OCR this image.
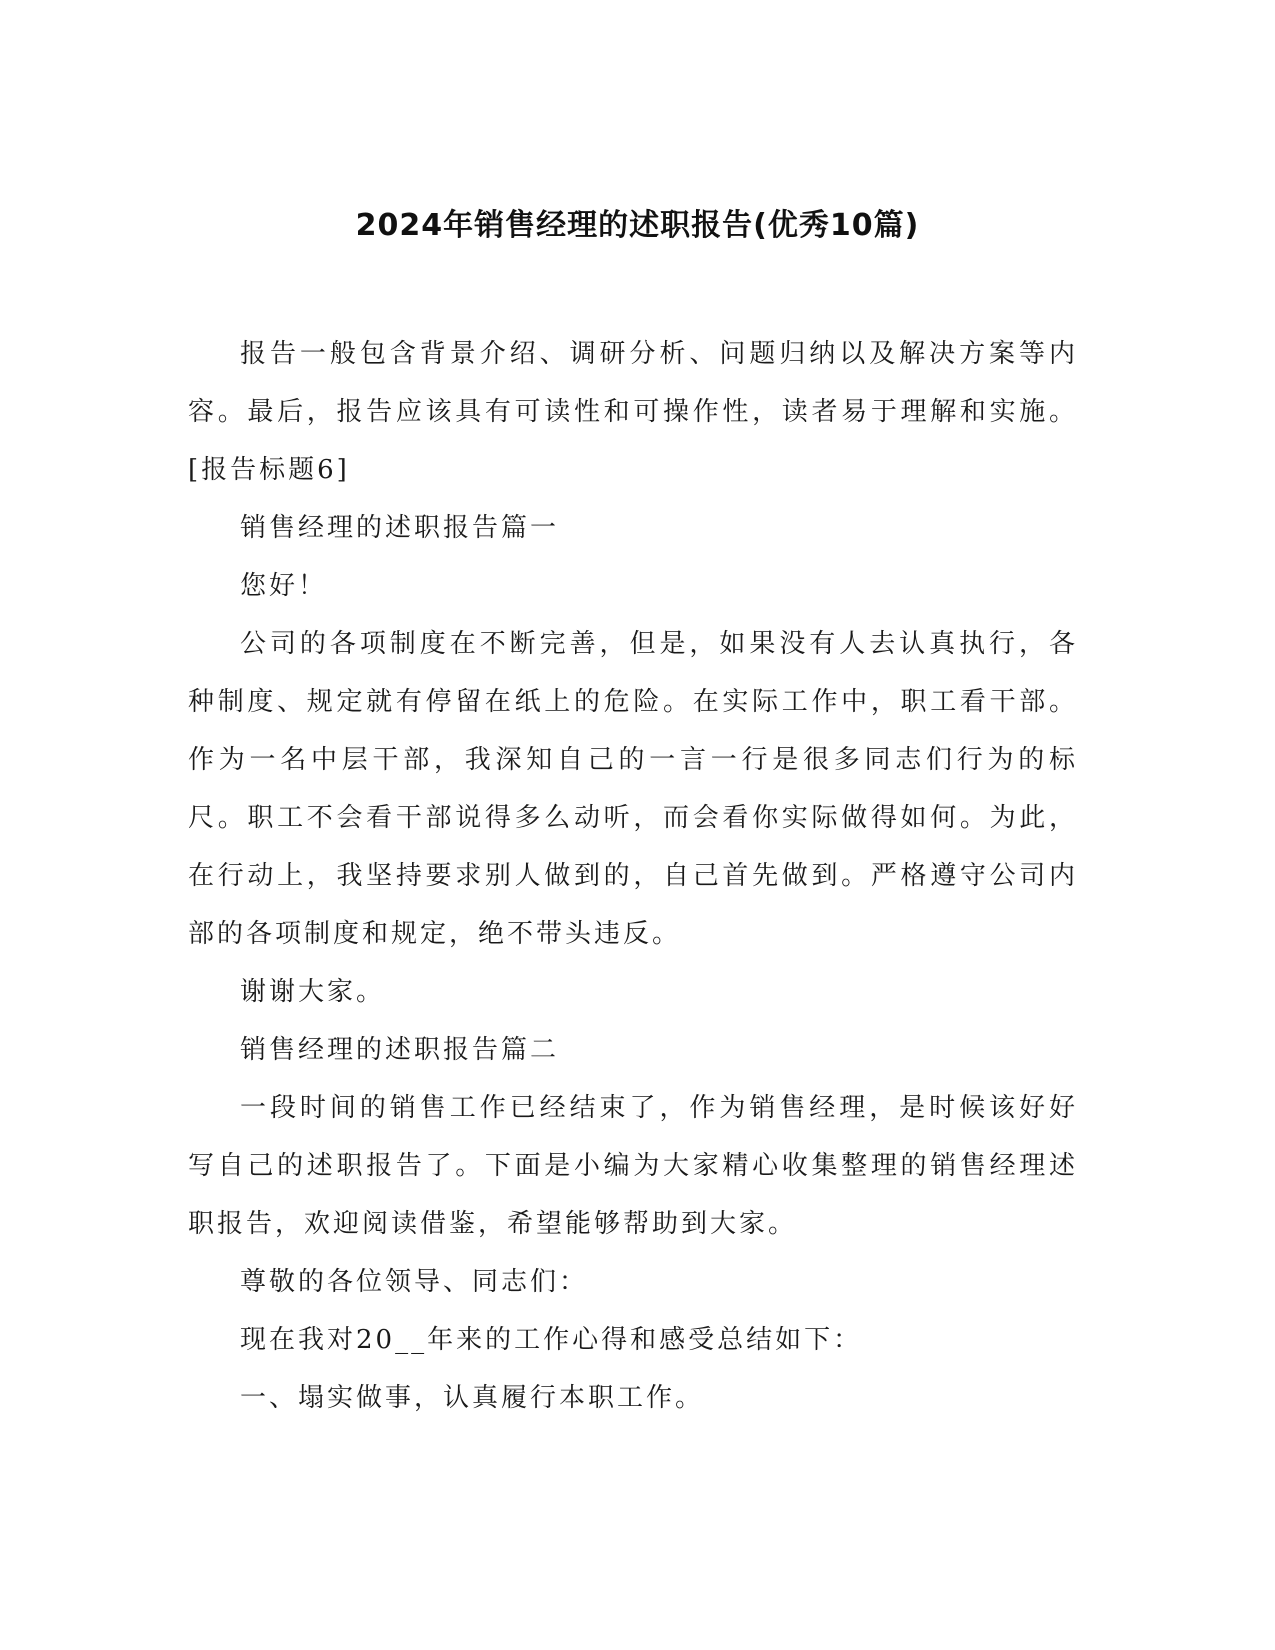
2024年销售经理的述职报告(优秀10篇)

报告一般包含背景介绍、调研分析、问题归纳以及解决方案等内容。最后，报告应该具有可读性和可操作性，读者易于理解和实施。[报告标题6]

销售经理的述职报告篇一

您好！

公司的各项制度在不断完善，但是，如果没有人去认真执行，各种制度、规定就有停留在纸上的危险。在实际工作中，职工看干部。作为一名中层干部，我深知自己的一言一行是很多同志们行为的标尺。职工不会看干部说得多么动听，而会看你实际做得如何。为此，在行动上，我坚持要求别人做到的，自己首先做到。严格遵守公司内部的各项制度和规定，绝不带头违反。

谢谢大家。

销售经理的述职报告篇二

一段时间的销售工作已经结束了，作为销售经理，是时候该好好写自己的述职报告了。下面是小编为大家精心收集整理的销售经理述职报告，欢迎阅读借鉴，希望能够帮助到大家。

尊敬的各位领导、同志们：

现在我对20__年来的工作心得和感受总结如下：

一、塌实做事，认真履行本职工作。
